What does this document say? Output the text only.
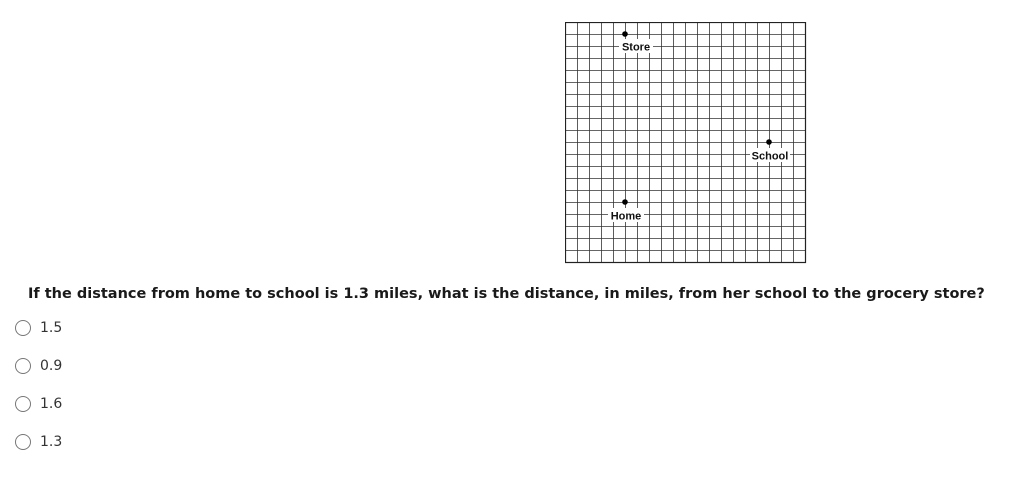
Store
School
Home

If the distance from home to school is 1.3 miles, what is the distance, in miles, from her school to the grocery store?

1.5
0.9
1.6
1.3
